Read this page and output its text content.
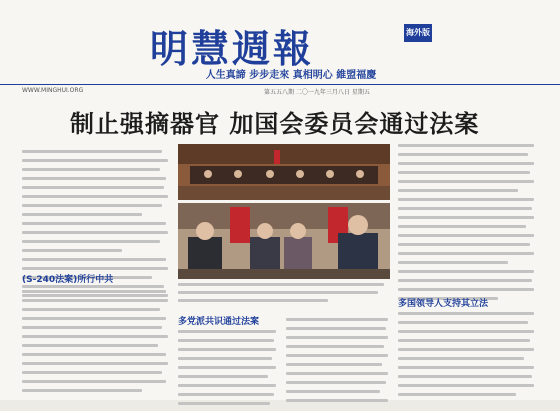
明慧週報	海外版
人生真諦 步步走來 真相明心 維盟福慶
WWW.MINGHUI.ORG	第五五八期 二〇一九年三月八日 星期五
制止强摘器官 加国会委员会通过法案
(S-240法案)所行中共
多党派共识通过法案
多国领导人支持其立法
